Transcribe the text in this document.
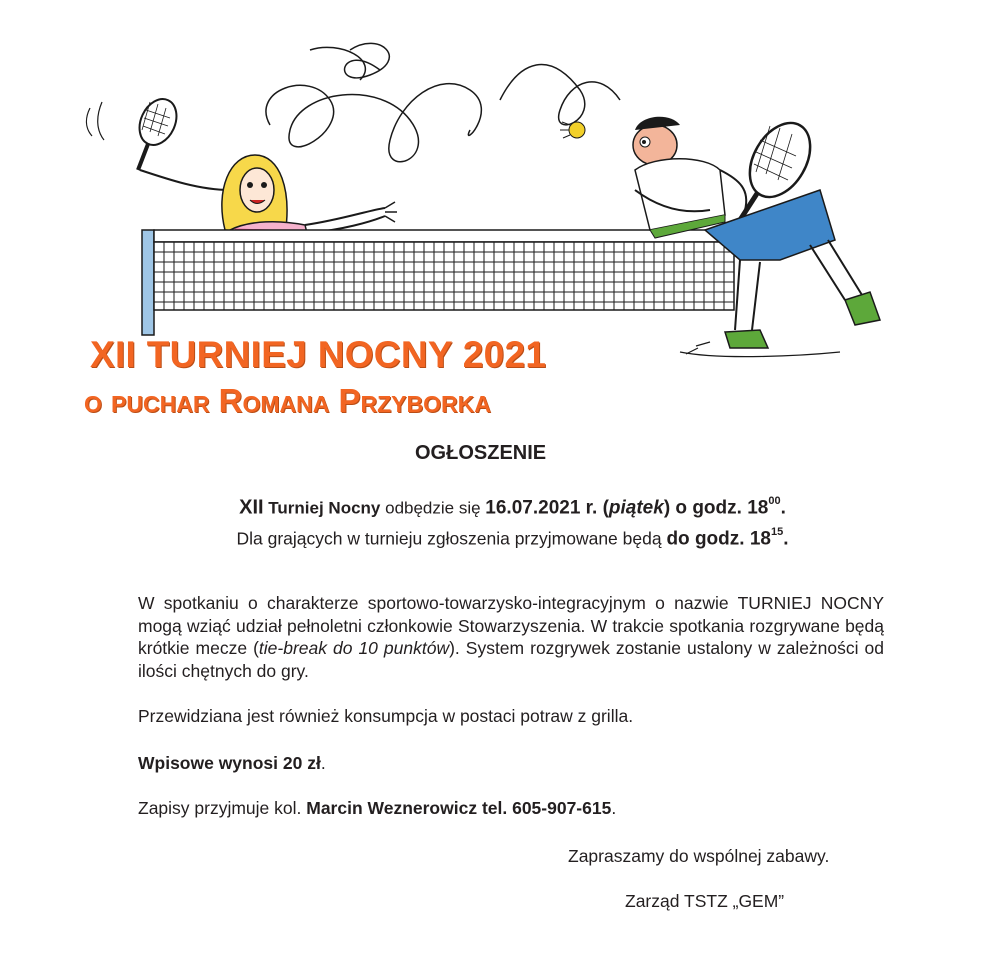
XII TURNIEJ NOCNY 2021
o puchar Romana Przyborka
OGŁOSZENIE
XII Turniej Nocny odbędzie się 16.07.2021 r. (piątek) o godz. $18^{00}$.
Dla grających w turnieju zgłoszenia przyjmowane będą do godz. $18^{15}$.

W spotkaniu o charakterze sportowo-towarzysko-integracyjnym o nazwie TURNIEJ NOCNY mogą wziąć udział pełnoletni członkowie Stowarzyszenia. W trakcie spotkania rozgrywane będą krótkie mecze (tie-break do 10 punktów). System rozgrywek zostanie ustalony w zależności od ilości chętnych do gry.

Przewidziana jest również konsumpcja w postaci potraw z grilla.
Wpisowe wynosi 20 zł.
Zapisy przyjmuje kol. Marcin Weznerowicz tel. 605-907-615.
Zapraszamy do wspólnej zabawy.
Zarząd TSTZ „GEM”
